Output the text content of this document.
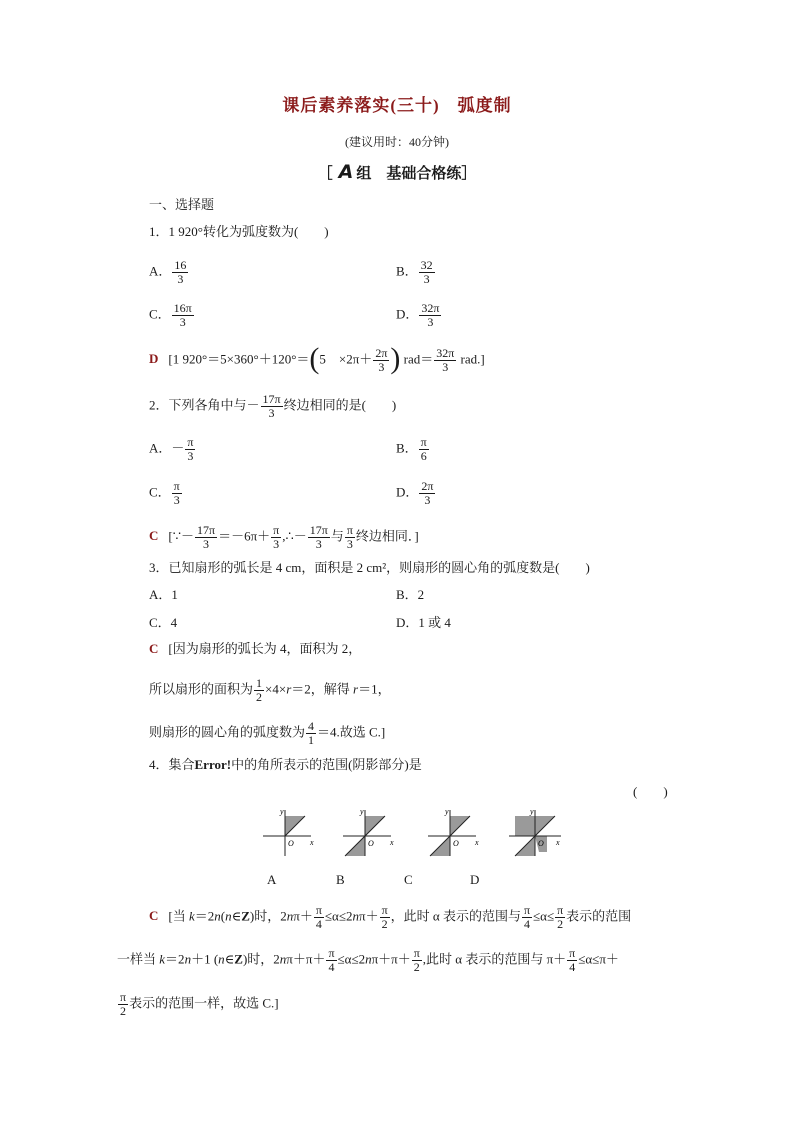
课后素养落实(三十)　弧度制
(建议用时：40分钟)
［ A 组　基础合格练］
一、选择题
1．1 920°转化为弧度数为(　　)
A． $\frac{16}{3}$	B． $\frac{32}{3}$
C． $\frac{16\pi}{3}$	D． $\frac{32\pi}{3}$
D [1 920°＝5×360°＋120°＝(5　$\times 2\pi+ \frac{2\pi}{3}$ ) $rad= \frac{32\pi}{3} rad$.]
2．下列各角中与－ $\frac{17\pi}{3}$ 终边相同的是(　　)
A．－ $\frac{\pi}{3}$	B． $\frac{\pi}{6}$
C． $\frac{\pi}{3}$	D． $\frac{2\pi}{3}$
C [∵－ $\frac{17\pi}{3} =-6\pi+ \frac{\pi}{3}$ ,∴－ $\frac{17\pi}{3}$ 与 $\frac{\pi}{3}$ 终边相同．]
3．已知扇形的弧长是 4 cm，面积是 2 cm²，则扇形的圆心角的弧度数是(　　)
A．1	B．2
C．4	D．1 或 4
C [因为扇形的弧长为 4，面积为 2，
所以扇形的面积为 $\frac{1}{2} \times 4\times r=2$，解得 r＝1，
则扇形的圆心角的弧度数为 $\frac{4}{1} =4$.故选 C.]
4．集合Error!中的角所表示的范围(阴影部分)是
(　　)
y
x
O
y
x
O
y
x
O
y
x
O
A	B	C	D
C [当 k＝2n(n∈Z)时，$2n\pi+ \frac{\pi}{4} \le\alpha\le 2n\pi+ \frac{\pi}{2}$ ，此时 α 表示的范围与 $\frac{\pi}{4} \le\alpha\le \frac{\pi}{2}$ 表示的范围
一样当 k＝2n＋1 (n∈Z)时，$2n\pi+\pi+ \frac{\pi}{4} \le\alpha\le 2n\pi+\pi+ \frac{\pi}{2}$ ,此时 α 表示的范围与 $\pi+ \frac{\pi}{4} \le\alpha\le\pi+$
$\frac{\pi}{2}$ 表示的范围一样，故选 C.]
